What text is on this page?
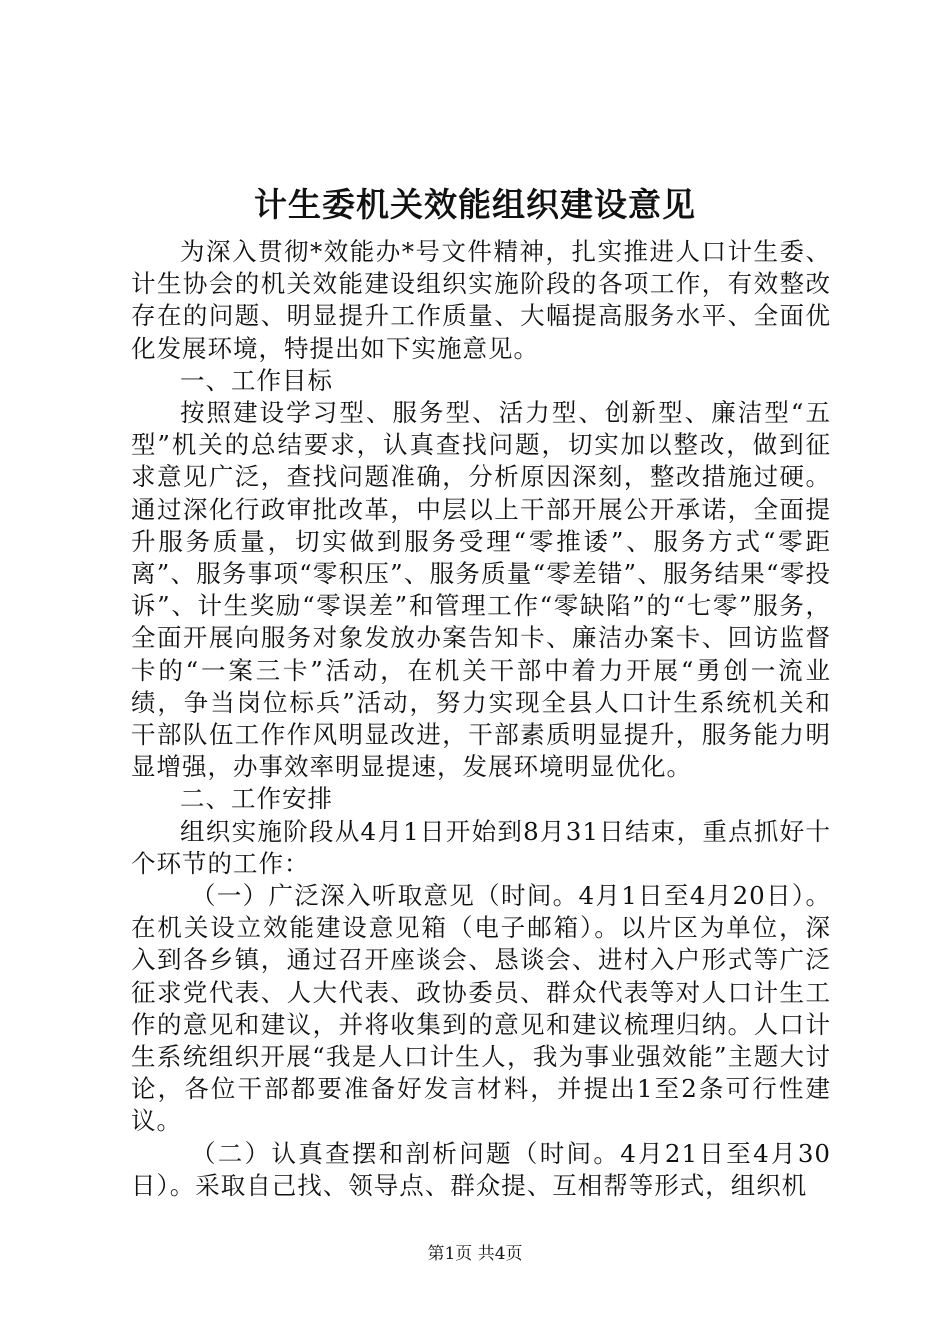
计生委机关效能组织建设意见

为深入贯彻*效能办*号文件精神，扎实推进人口计生委、计生协会的机关效能建设组织实施阶段的各项工作，有效整改存在的问题、明显提升工作质量、大幅提高服务水平、全面优化发展环境，特提出如下实施意见。

一、工作目标

按照建设学习型、服务型、活力型、创新型、廉洁型“五型”机关的总结要求，认真查找问题，切实加以整改，做到征求意见广泛，查找问题准确，分析原因深刻，整改措施过硬。通过深化行政审批改革，中层以上干部开展公开承诺，全面提升服务质量，切实做到服务受理“零推诿”、服务方式“零距离”、服务事项“零积压”、服务质量“零差错”、服务结果“零投诉”、计生奖励“零误差”和管理工作“零缺陷”的“七零”服务，全面开展向服务对象发放办案告知卡、廉洁办案卡、回访监督卡的“一案三卡”活动，在机关干部中着力开展“勇创一流业绩，争当岗位标兵”活动，努力实现全县人口计生系统机关和干部队伍工作作风明显改进，干部素质明显提升，服务能力明显增强，办事效率明显提速，发展环境明显优化。

二、工作安排

组织实施阶段从4月1日开始到8月31日结束，重点抓好十个环节的工作：

（一）广泛深入听取意见（时间。4月1日至4月20日）。在机关设立效能建设意见箱（电子邮箱）。以片区为单位，深入到各乡镇，通过召开座谈会、恳谈会、进村入户形式等广泛征求党代表、人大代表、政协委员、群众代表等对人口计生工作的意见和建议，并将收集到的意见和建议梳理归纳。人口计生系统组织开展“我是人口计生人，我为事业强效能”主题大讨论，各位干部都要准备好发言材料，并提出1至2条可行性建议。

（二）认真查摆和剖析问题（时间。4月21日至4月30日）。采取自己找、领导点、群众提、互相帮等形式，组织机

第1页 共4页
